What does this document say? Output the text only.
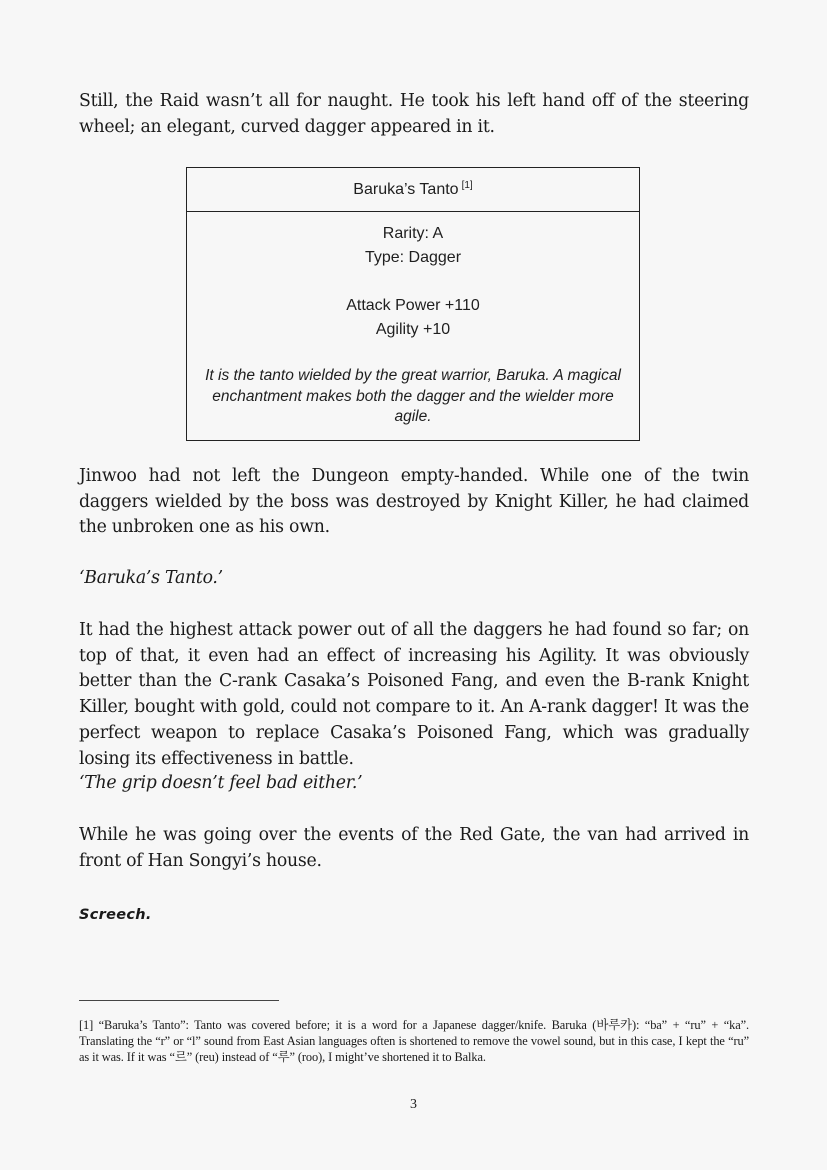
Still, the Raid wasn’t all for naught. He took his left hand off of the steering wheel; an elegant, curved dagger appeared in it.

Baruka’s Tanto [1]
Rarity: A
Type: Dagger
Attack Power +110
Agility +10
It is the tanto wielded by the great warrior, Baruka. A magical enchantment makes both the dagger and the wielder more agile.

Jinwoo had not left the Dungeon empty-handed. While one of the twin daggers wielded by the boss was destroyed by Knight Killer, he had claimed the unbroken one as his own.

‘Baruka’s Tanto.’

It had the highest attack power out of all the daggers he had found so far; on top of that, it even had an effect of increasing his Agility. It was obviously better than the C-rank Casaka’s Poisoned Fang, and even the B-rank Knight Killer, bought with gold, could not compare to it. An A-rank dagger! It was the perfect weapon to replace Casaka’s Poisoned Fang, which was gradually losing its effectiveness in battle.

‘The grip doesn’t feel bad either.’

While he was going over the events of the Red Gate, the van had arrived in front of Han Songyi’s house.

Screech.

[1] “Baruka’s Tanto”: Tanto was covered before; it is a word for a Japanese dagger/knife. Baruka (바루카): “ba” + “ru” + “ka”. Translating the “r” or “l” sound from East Asian languages often is shortened to remove the vowel sound, but in this case, I kept the “ru” as it was. If it was “르” (reu) instead of “루” (roo), I might’ve shortened it to Balka.

3
